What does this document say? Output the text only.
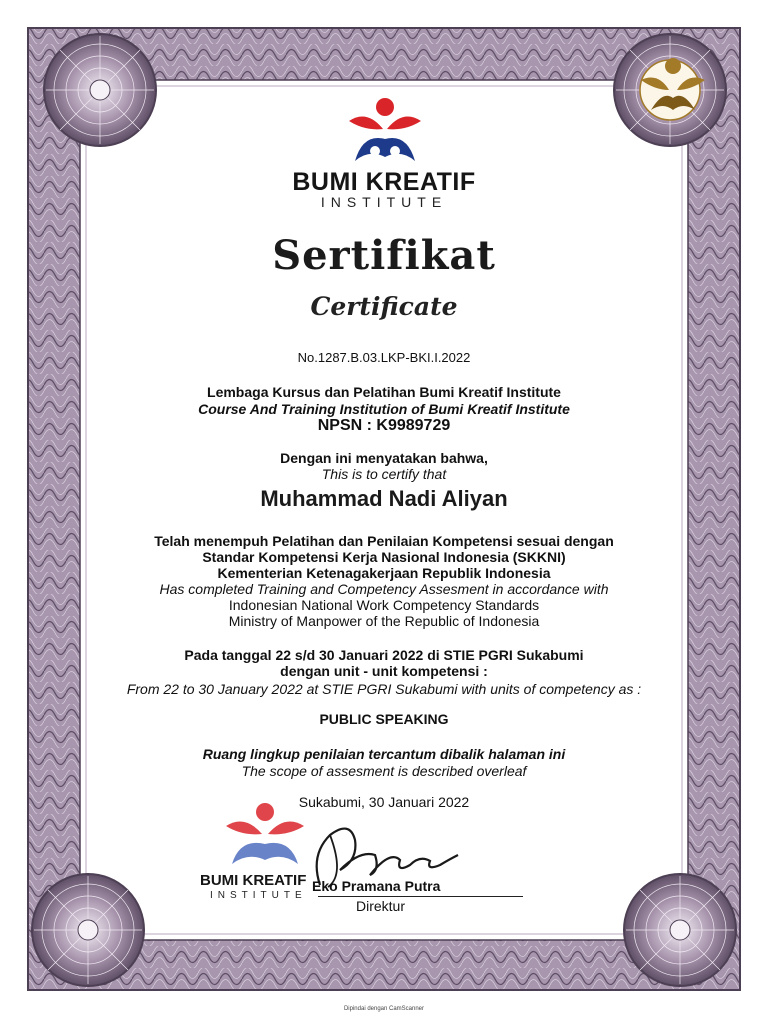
BUMI KREATIF
INSTITUTE
Sertifikat
Certificate
No.1287.B.03.LKP-BKI.I.2022
Lembaga Kursus dan Pelatihan Bumi Kreatif Institute
Course And Training Institution of Bumi Kreatif Institute
NPSN : K9989729
Dengan ini menyatakan bahwa,
This is to certify that
Muhammad Nadi Aliyan
Telah menempuh Pelatihan dan Penilaian Kompetensi sesuai dengan
Standar Kompetensi Kerja Nasional Indonesia (SKKNI)
Kementerian Ketenagakerjaan Republik Indonesia
Has completed Training and Competency Assesment in accordance with
Indonesian National Work Competency Standards
Ministry of Manpower of the Republic of Indonesia
Pada tanggal 22 s/d 30 Januari 2022 di STIE PGRI Sukabumi
dengan unit - unit kompetensi :
From 22 to 30 January 2022 at STIE PGRI Sukabumi with units of competency as :
PUBLIC SPEAKING
Ruang lingkup penilaian tercantum dibalik halaman ini
The scope of assesment is described overleaf
Sukabumi, 30 Januari 2022
BUMI KREATIF
INSTITUTE
Eko Pramana Putra
Direktur
Dipindai dengan CamScanner
